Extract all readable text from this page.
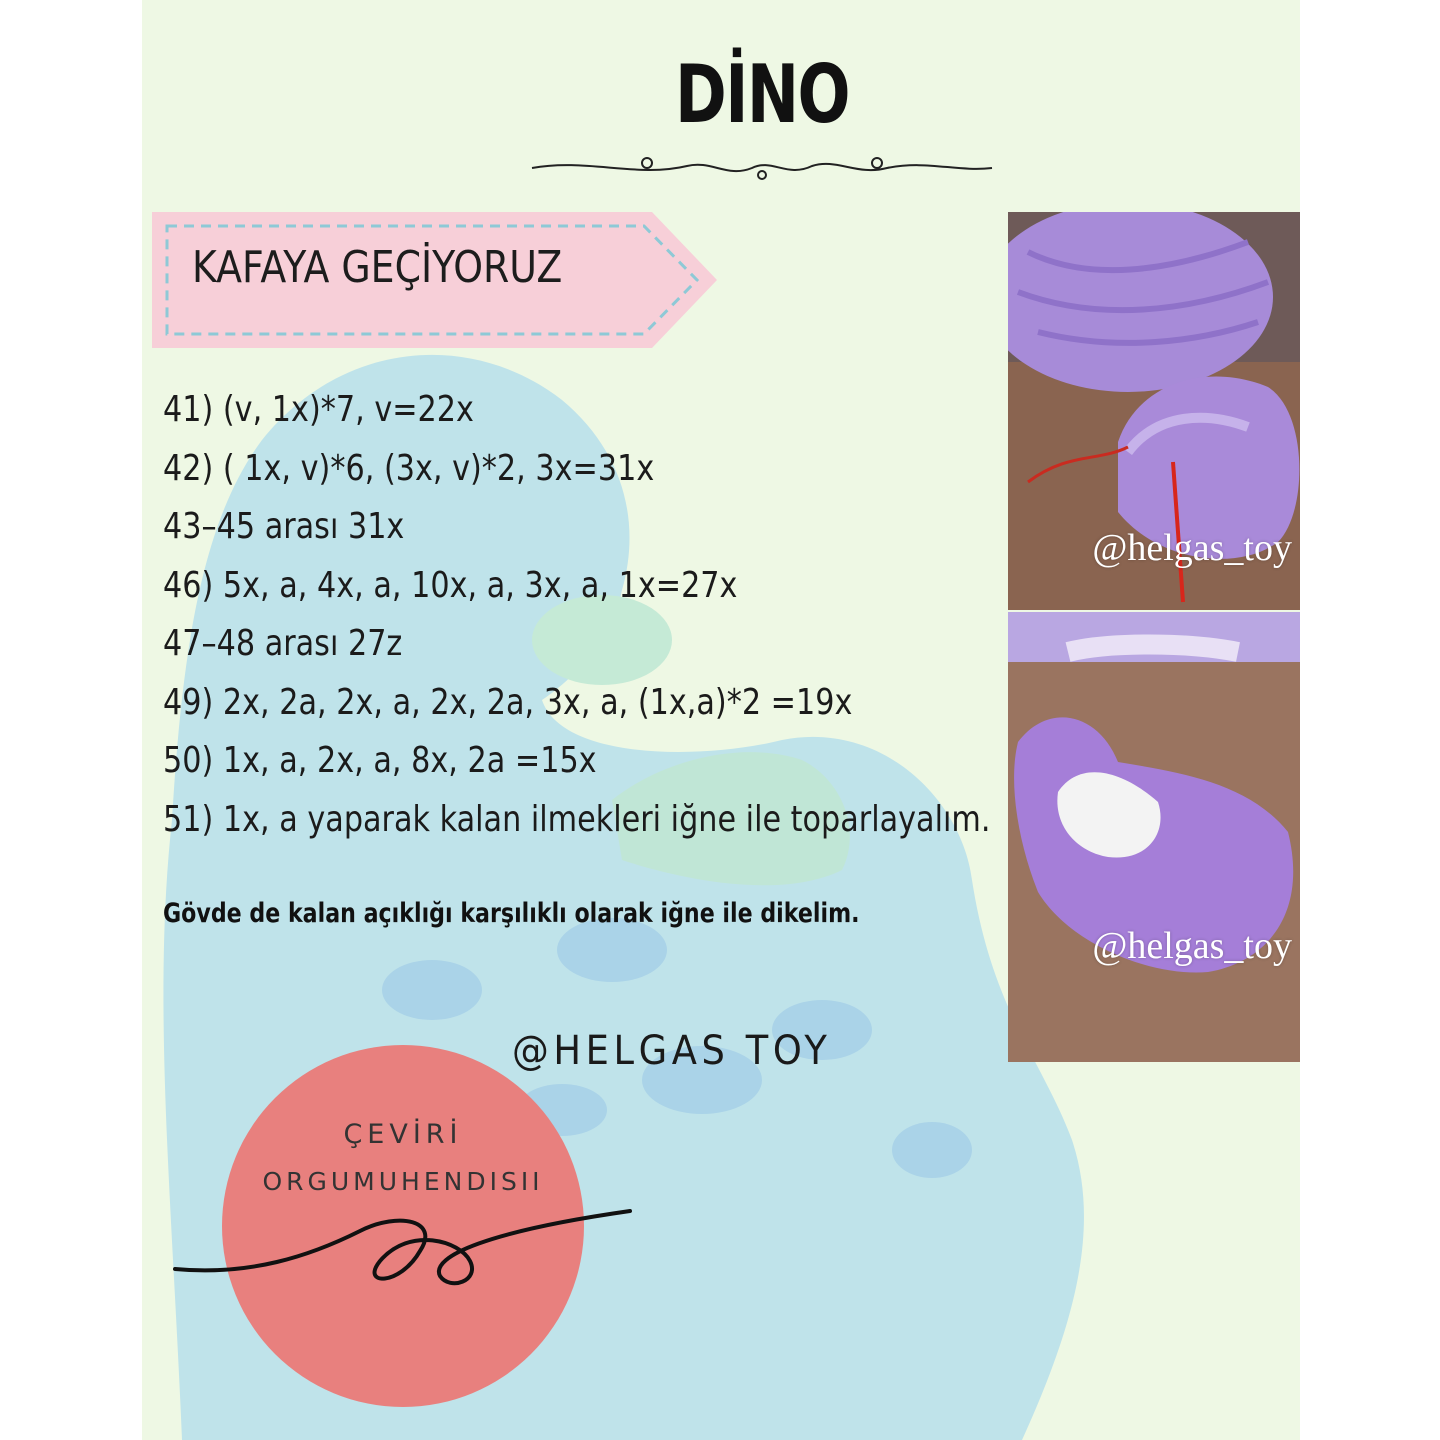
DİNO
KAFAYA GEÇİYORUZ
41) (v, 1x)*7, v=22x
42) ( 1x, v)*6, (3x, v)*2, 3x=31x
43–45 arası 31x
46) 5x, a, 4x, a, 10x, a, 3x, a, 1x=27x
47–48 arası 27z
49) 2x, 2a, 2x, a, 2x, 2a, 3x, a, (1x,a)*2 =19x
50) 1x, a, 2x, a, 8x, 2a =15x
51) 1x, a yaparak kalan ilmekleri iğne ile toparlayalım.
Gövde de kalan açıklığı karşılıklı olarak iğne ile dikelim.
@helgas_toy
@helgas_toy
ÇEVİRİ
ORGUMUHENDISII
@HELGAS TOY
